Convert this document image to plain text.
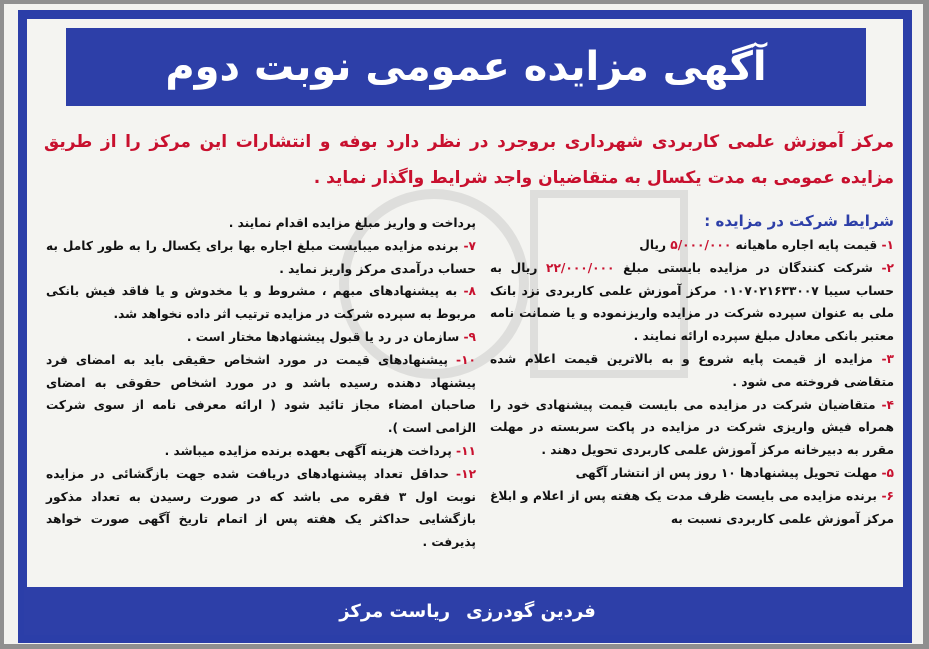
آگهی مزایده عمومی نوبت دوم
مرکز آموزش علمی کاربردی شهرداری بروجرد در نظر دارد بوفه و انتشارات این مرکز را از طریق مزایده عمومی به مدت یکسال به متقاضیان واجد شرایط واگذار نماید .

شرایط شرکت در مزایده :

۱- قیمت پایه اجاره ماهیانه ۵/۰۰۰/۰۰۰ ریال

۲- شرکت کنندگان در مزایده بایستی مبلغ ۲۲/۰۰۰/۰۰۰ ریال به حساب سیبا ۰۱۰۷۰۲۱۶۳۳۰۰۷ مرکز آموزش علمی کاربردی نزد بانک ملی به عنوان سپرده شرکت در مزایده واریزنموده و یا ضمانت نامه معتبر بانکی معادل مبلغ سپرده ارائه نمایند .

۳- مزایده از قیمت پایه شروع و به بالاترین قیمت اعلام شده متقاضی فروخته می شود .

۴- متقاضیان شرکت در مزایده می بایست قیمت پیشنهادی خود را همراه فیش واریزی شرکت در مزایده در پاکت سربسته در مهلت مقرر به دبیرخانه مرکز آموزش علمی کاربردی تحویل دهند .

۵- مهلت تحویل پیشنهادها ۱۰ روز پس از انتشار آگهی

۶- برنده مزایده می بایست ظرف مدت یک هفته پس از اعلام و ابلاغ مرکز آموزش علمی کاربردی نسبت به

پرداخت و واریز مبلغ مزایده اقدام نمایند .

۷- برنده مزایده میبایست مبلغ اجاره بها برای یکسال را به طور کامل به حساب درآمدی مرکز واریز نماید .

۸- به پیشنهادهای مبهم ، مشروط و یا مخدوش و یا فاقد فیش بانکی مربوط به سپرده شرکت در مزایده ترتیب اثر داده نخواهد شد.

۹- سازمان در رد یا قبول پیشنهادها مختار است .

۱۰- پیشنهادهای قیمت در مورد اشخاص حقیقی باید به امضای فرد پیشنهاد دهنده رسیده باشد و در مورد اشخاص حقوقی به امضای صاحبان امضاء مجاز تائید شود ( ارائه معرفی نامه از سوی شرکت الزامی است ).

۱۱- پرداخت هزینه آگهی بعهده برنده مزایده میباشد .

۱۲- حداقل تعداد پیشنهادهای دریافت شده جهت بازگشائی در مزایده نوبت اول ۳ فقره می باشد که در صورت رسیدن به تعداد مذکور بازگشایی حداکثر یک هفته پس از اتمام تاریخ آگهی صورت خواهد پذیرفت .

فردین گودرزی
ریاست مرکز
